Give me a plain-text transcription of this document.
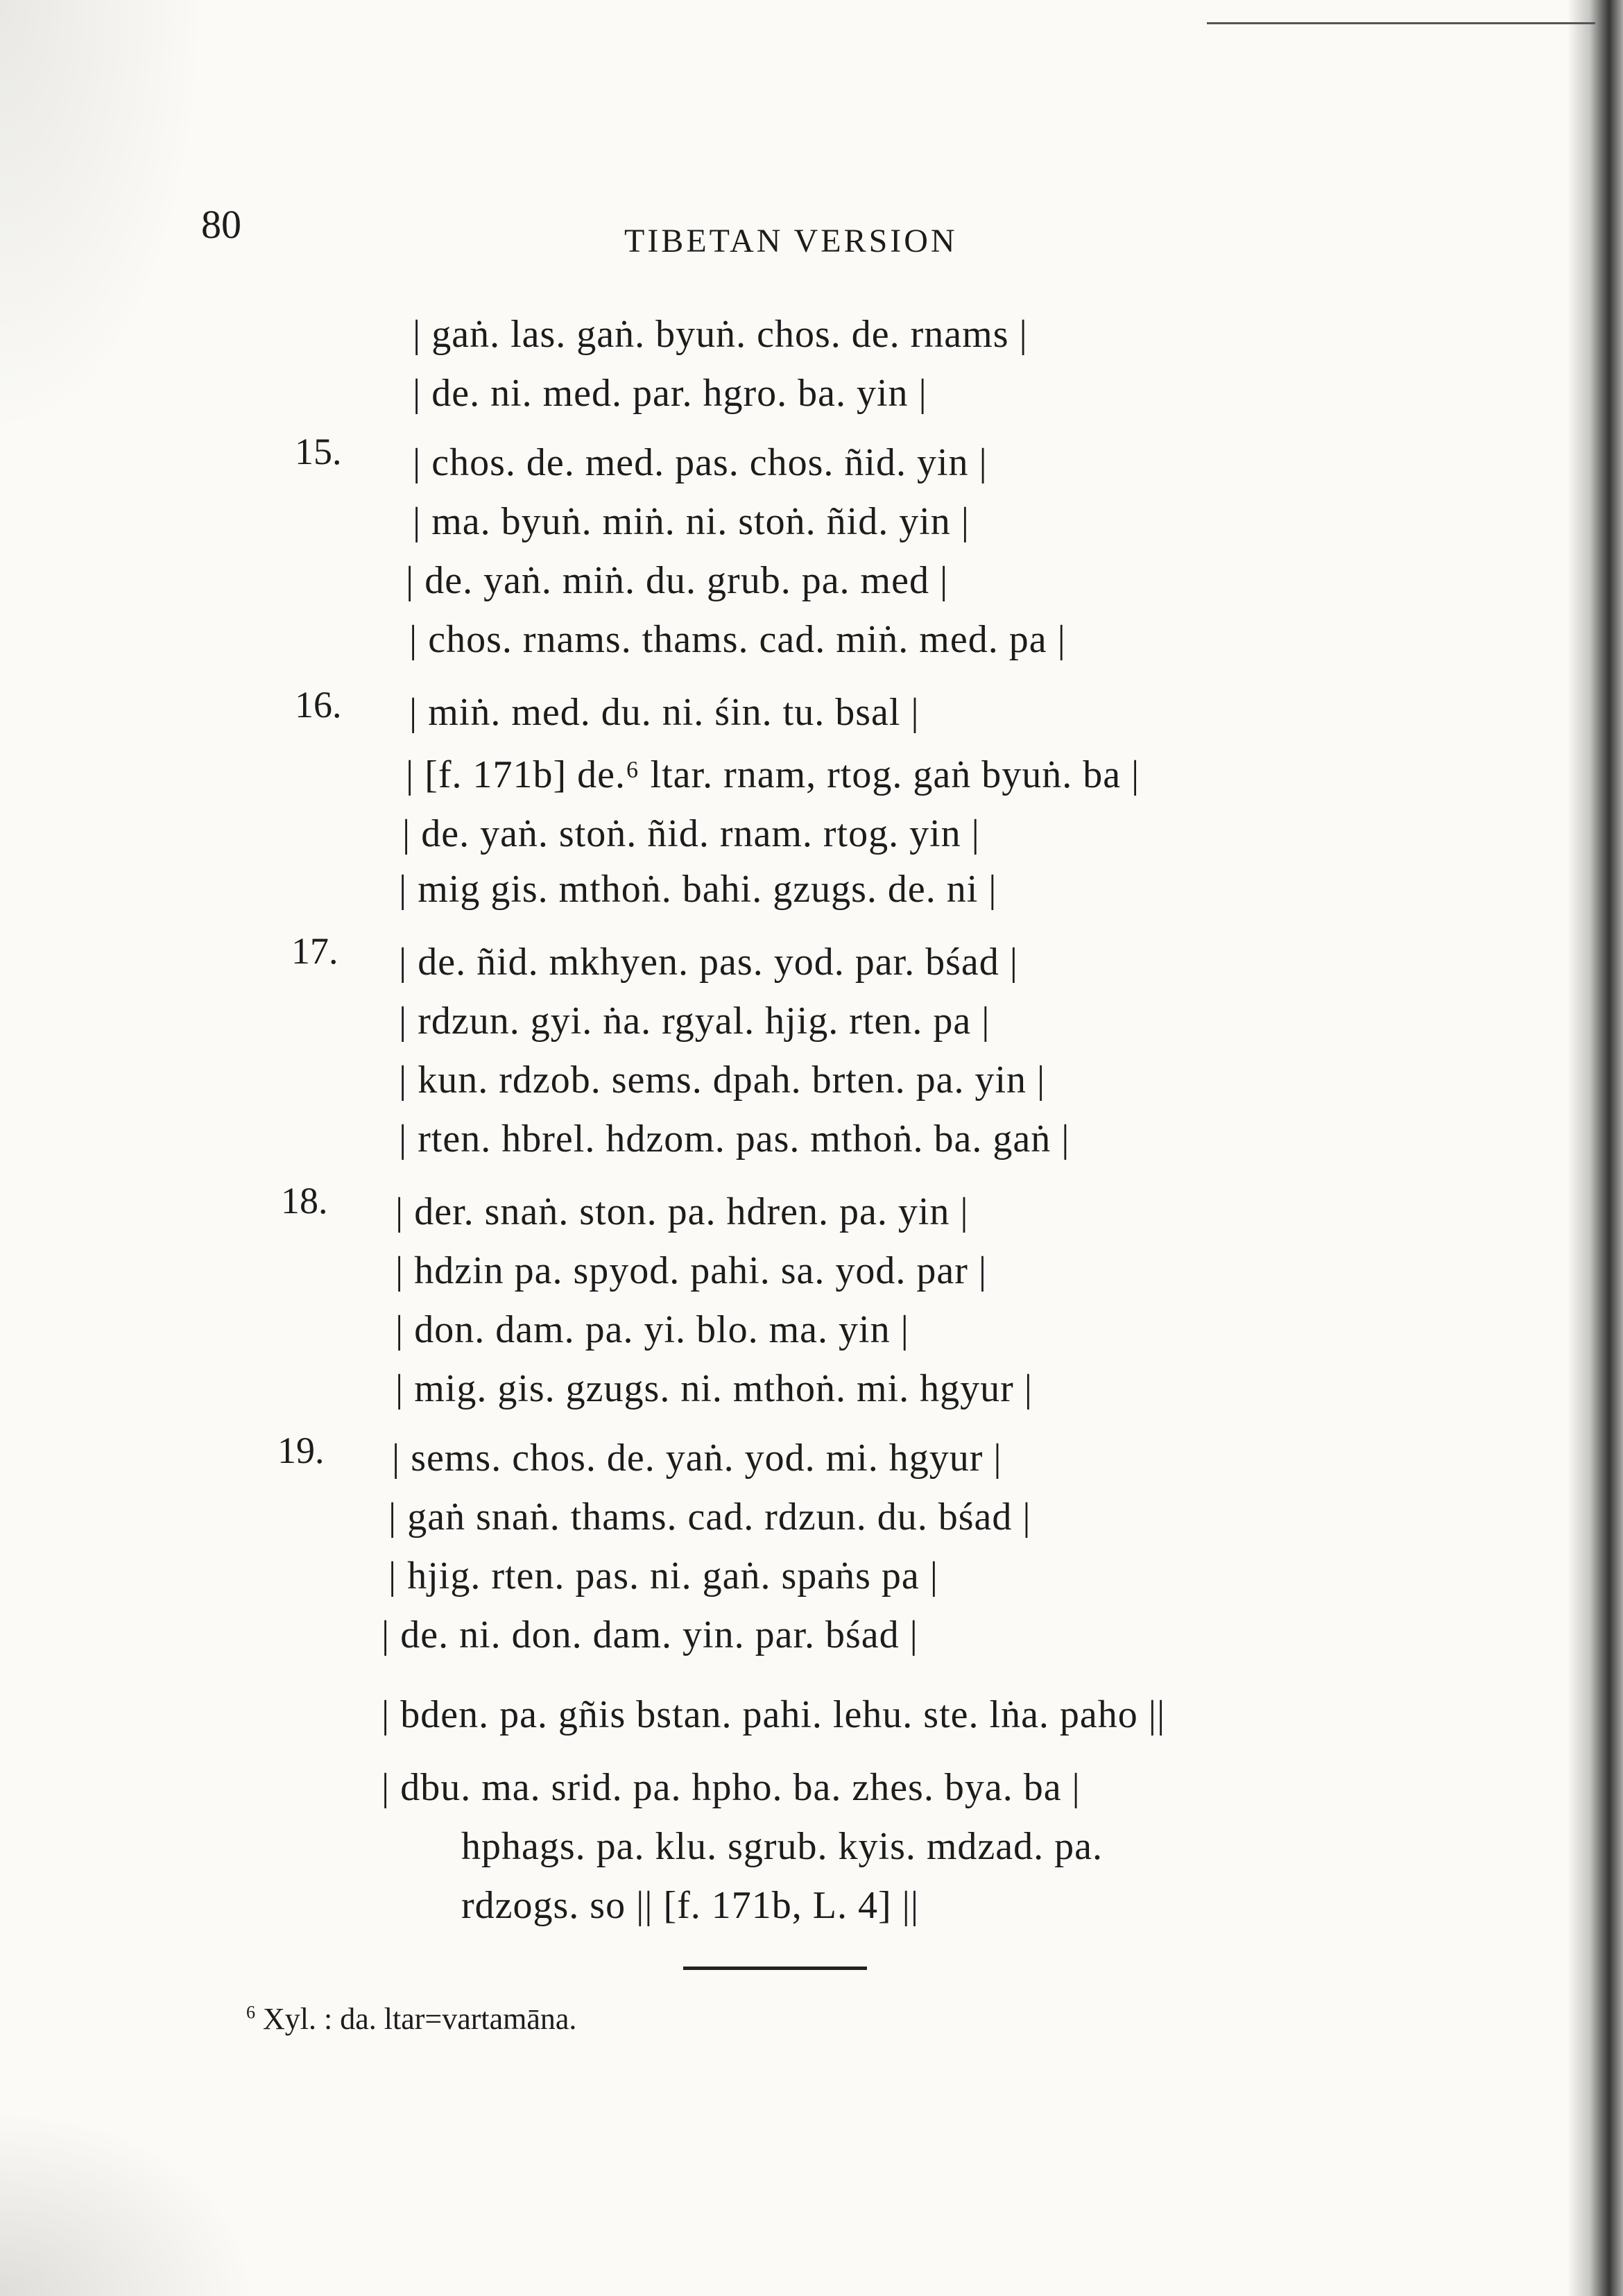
80	TIBETAN VERSION
15.
16.
17.
18.
19.
| gaṅ. las. gaṅ. byuṅ. chos. de. rnams |
| de. ni. med. par. hgro. ba. yin |
| chos. de. med. pas. chos. ñid. yin |
| ma. byuṅ. miṅ. ni. stoṅ. ñid. yin |
| de. yaṅ. miṅ. du. grub. pa. med |
| chos. rnams. thams. cad. miṅ. med. pa |
| miṅ. med. du. ni. śin. tu. bsal |
| [f. 171b] de.⁶ ltar. rnam, rtog. gaṅ byuṅ. ba |
| de. yaṅ. stoṅ. ñid. rnam. rtog. yin |
| mig gis. mthoṅ. bahi. gzugs. de. ni |
| de. ñid. mkhyen. pas. yod. par. bśad |
| rdzun. gyi. ṅa. rgyal. hjig. rten. pa |
| kun. rdzob. sems. dpah. brten. pa. yin |
| rten. hbrel. hdzom. pas. mthoṅ. ba. gaṅ |
| der. snaṅ. ston. pa. hdren. pa. yin |
| hdzin pa. spyod. pahi. sa. yod. par |
| don. dam. pa. yi. blo. ma. yin |
| mig. gis. gzugs. ni. mthoṅ. mi. hgyur |
| sems. chos. de. yaṅ. yod. mi. hgyur |
| gaṅ snaṅ. thams. cad. rdzun. du. bśad |
| hjig. rten. pas. ni. gaṅ. spaṅs pa |
| de. ni. don. dam. yin. par. bśad |
| bden. pa. gñis bstan. pahi. lehu. ste. lṅa. paho ||
| dbu. ma. srid. pa. hpho. ba. zhes. bya. ba |
hphags. pa. klu. sgrub. kyis. mdzad. pa.
rdzogs. so || [f. 171b, L. 4] ||
$^6$ Xyl. : da. ltar=vartamāna.
